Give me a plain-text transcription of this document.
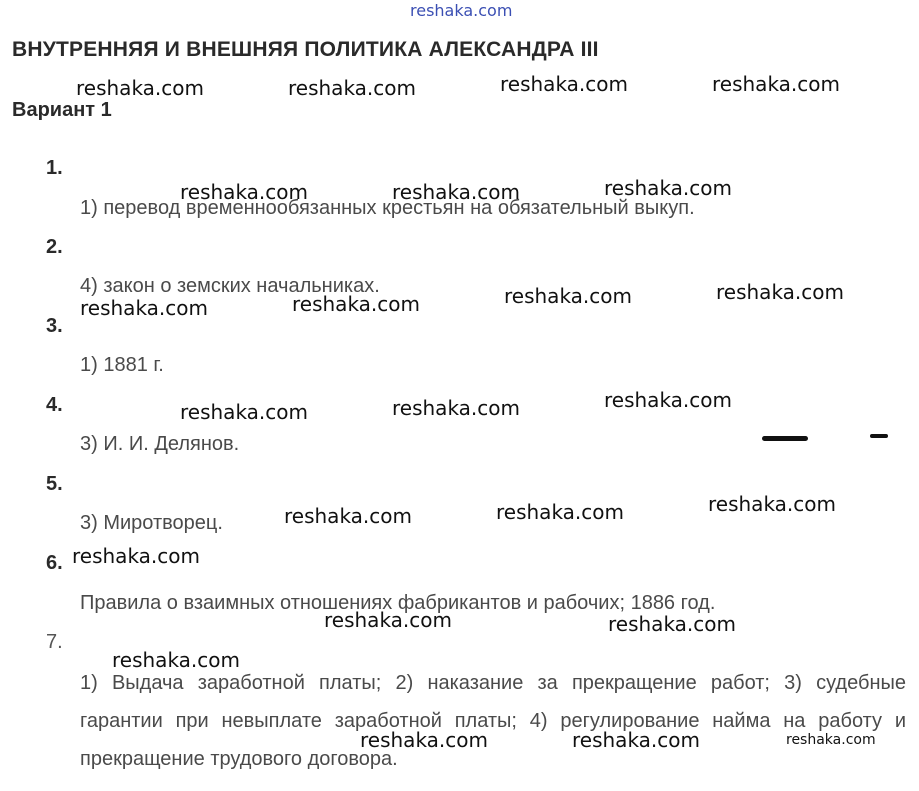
reshaka.com
ВНУТРЕННЯЯ И ВНЕШНЯЯ ПОЛИТИКА АЛЕКСАНДРА III
Вариант 1
1.
1) перевод временнообязанных крестьян на обязательный выкуп.
2.
4) закон о земских начальниках.
3.
1) 1881 г.
4.
3) И. И. Делянов.
5.
3) Миротворец.
6.
Правила о взаимных отношениях фабрикантов и рабочих; 1886 год.
7.
1) Выдача заработной платы; 2) наказание за прекращение работ; 3) судебные гарантии при невыплате заработной платы; 4) регулирование найма на работу и прекращение трудового договора.
reshaka.com	reshaka.com	reshaka.com	reshaka.com
reshaka.com	reshaka.com	reshaka.com
reshaka.com	reshaka.com	reshaka.com	reshaka.com
reshaka.com	reshaka.com	reshaka.com
reshaka.com	reshaka.com	reshaka.com
reshaka.com
reshaka.com	reshaka.com
reshaka.com
reshaka.com	reshaka.com	reshaka.com
